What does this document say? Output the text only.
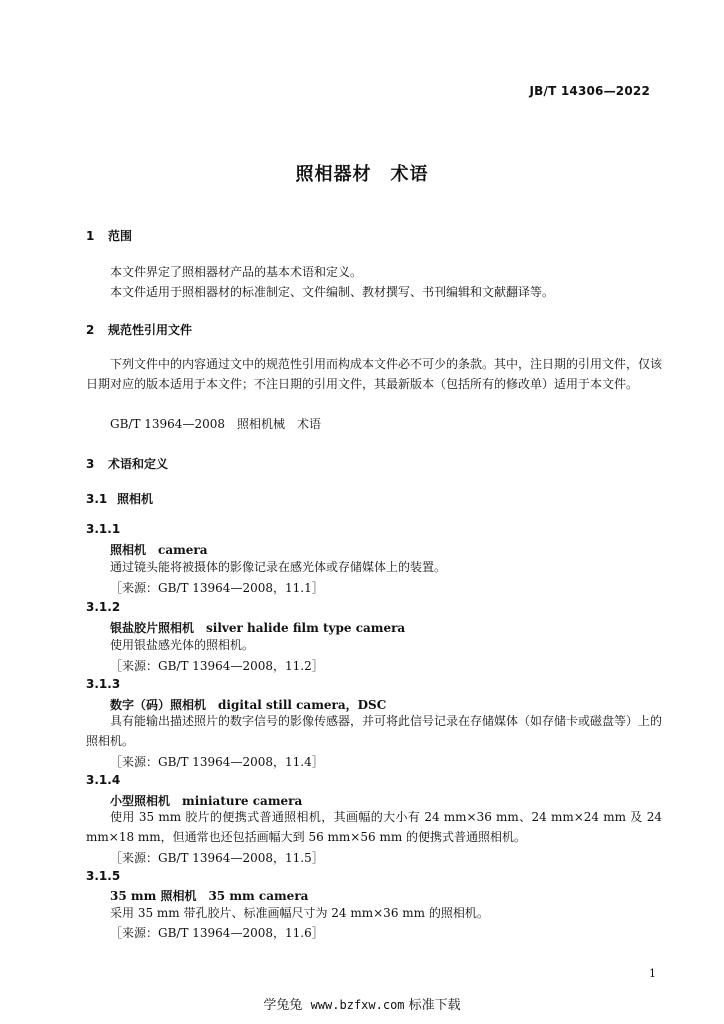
JB/T 14306—2022
照相器材　术语
1 范围
本文件界定了照相器材产品的基本术语和定义。
本文件适用于照相器材的标准制定、文件编制、教材撰写、书刊编辑和文献翻译等。
2 规范性引用文件
下列文件中的内容通过文中的规范性引用而构成本文件必不可少的条款。其中，注日期的引用文件，仅该日期对应的版本适用于本文件；不注日期的引用文件，其最新版本（包括所有的修改单）适用于本文件。
GB/T 13964—2008　照相机械　术语
3 术语和定义
3.1 照相机
3.1.1
照相机 camera
通过镜头能将被摄体的影像记录在感光体或存储媒体上的装置。
［来源：GB/T 13964—2008，11.1］
3.1.2
银盐胶片照相机 silver halide film type camera
使用银盐感光体的照相机。
［来源：GB/T 13964—2008，11.2］
3.1.3
数字（码）照相机 digital still camera，DSC
具有能输出描述照片的数字信号的影像传感器，并可将此信号记录在存储媒体（如存储卡或磁盘等）上的照相机。
［来源：GB/T 13964—2008，11.4］
3.1.4
小型照相机 miniature camera
使用 35 mm 胶片的便携式普通照相机，其画幅的大小有 24 mm×36 mm、24 mm×24 mm 及 24 mm×18 mm，但通常也还包括画幅大到 56 mm×56 mm 的便携式普通照相机。
［来源：GB/T 13964—2008，11.5］
3.1.5
35 mm 照相机 35 mm camera
采用 35 mm 带孔胶片、标准画幅尺寸为 24 mm×36 mm 的照相机。
［来源：GB/T 13964—2008，11.6］
1
学兔兔 www.bzfxw.com 标准下载
